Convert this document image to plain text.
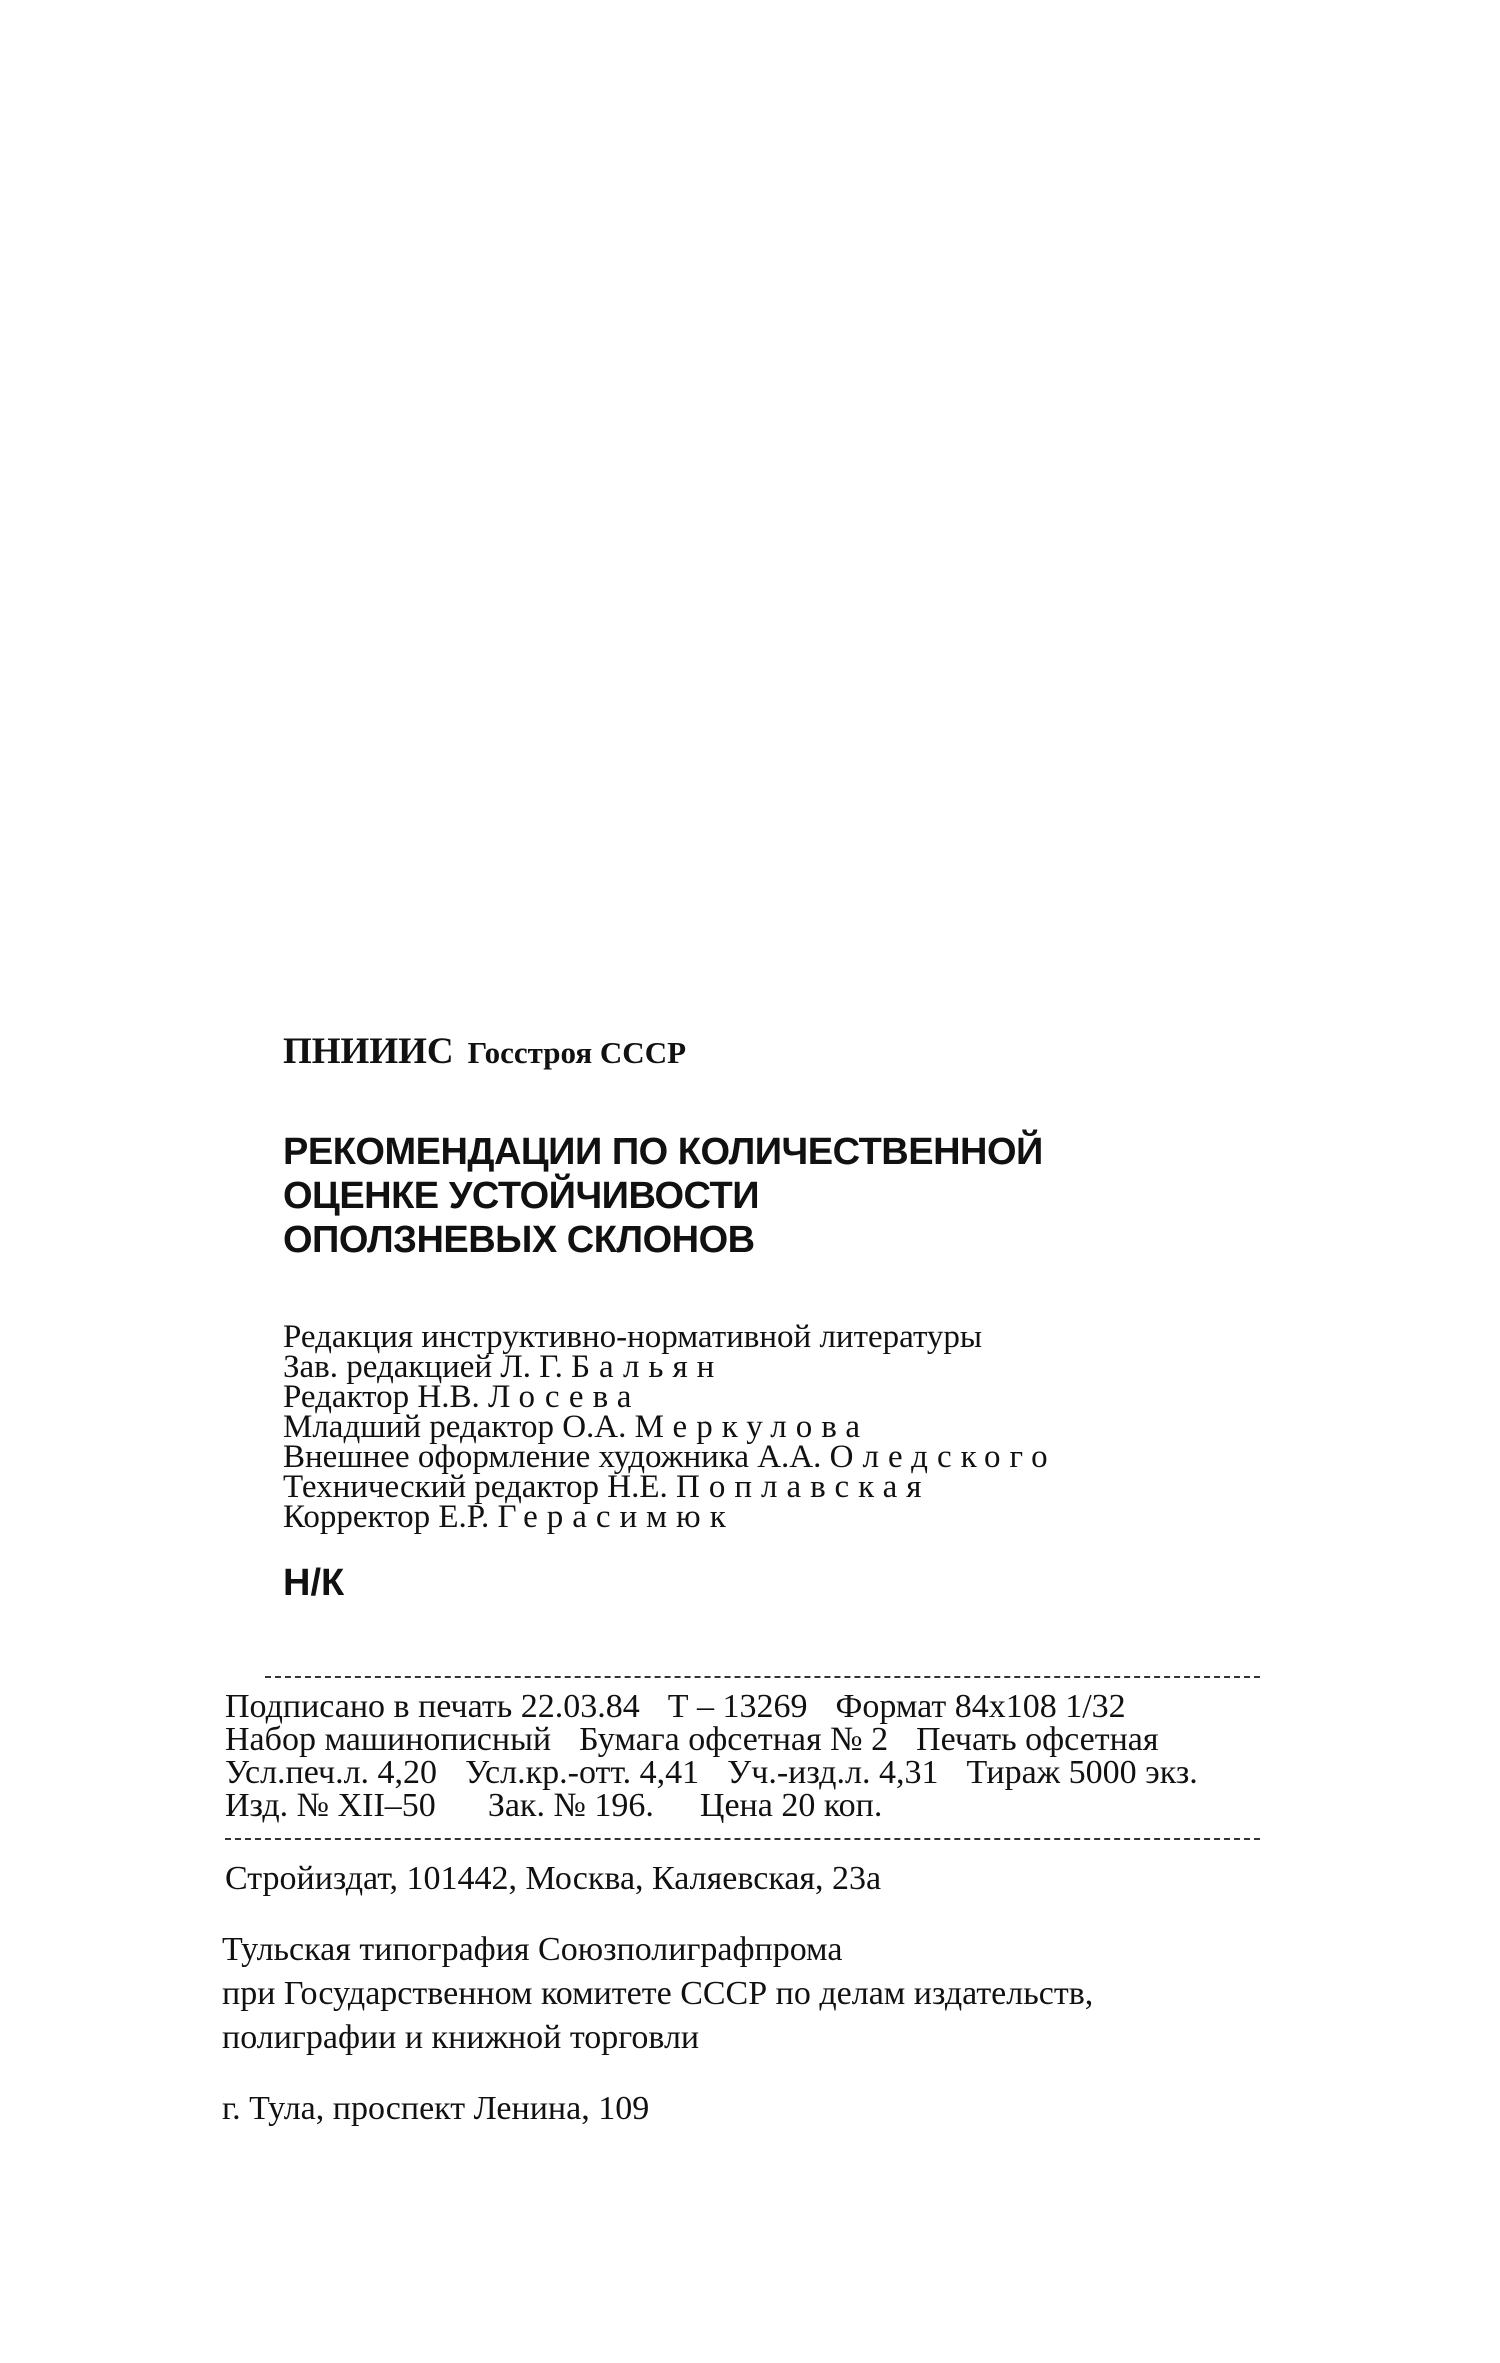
ПНИИИС Госстроя СССР
РЕКОМЕНДАЦИИ ПО КОЛИЧЕСТВЕННОЙ
ОЦЕНКЕ УСТОЙЧИВОСТИ
ОПОЛЗНЕВЫХ СКЛОНОВ
Редакция инструктивно-нормативной литературы
Зав. редакцией Л. Г. Бальян
Редактор Н.В. Лосева
Младший редактор О.А. Меркулова
Внешнее оформление художника А.А. Оледского
Технический редактор Н.Е. Поплавская
Корректор Е.Р. Герасимюк
Н/К
Подписано в печать 22.03.84 Т – 13269 Формат 84х108 1/32
Набор машинописный Бумага офсетная № 2 Печать офсетная
Усл.печ.л. 4,20 Усл.кр.-отт. 4,41 Уч.-изд.л. 4,31 Тираж 5000 экз.
Изд. № XII–50 Зак. № 196. Цена 20 коп.
Стройиздат, 101442, Москва, Каляевская, 23а
Тульская типография Союзполиграфпрома
при Государственном комитете СССР по делам издательств,
полиграфии и книжной торговли
г. Тула, проспект Ленина, 109
